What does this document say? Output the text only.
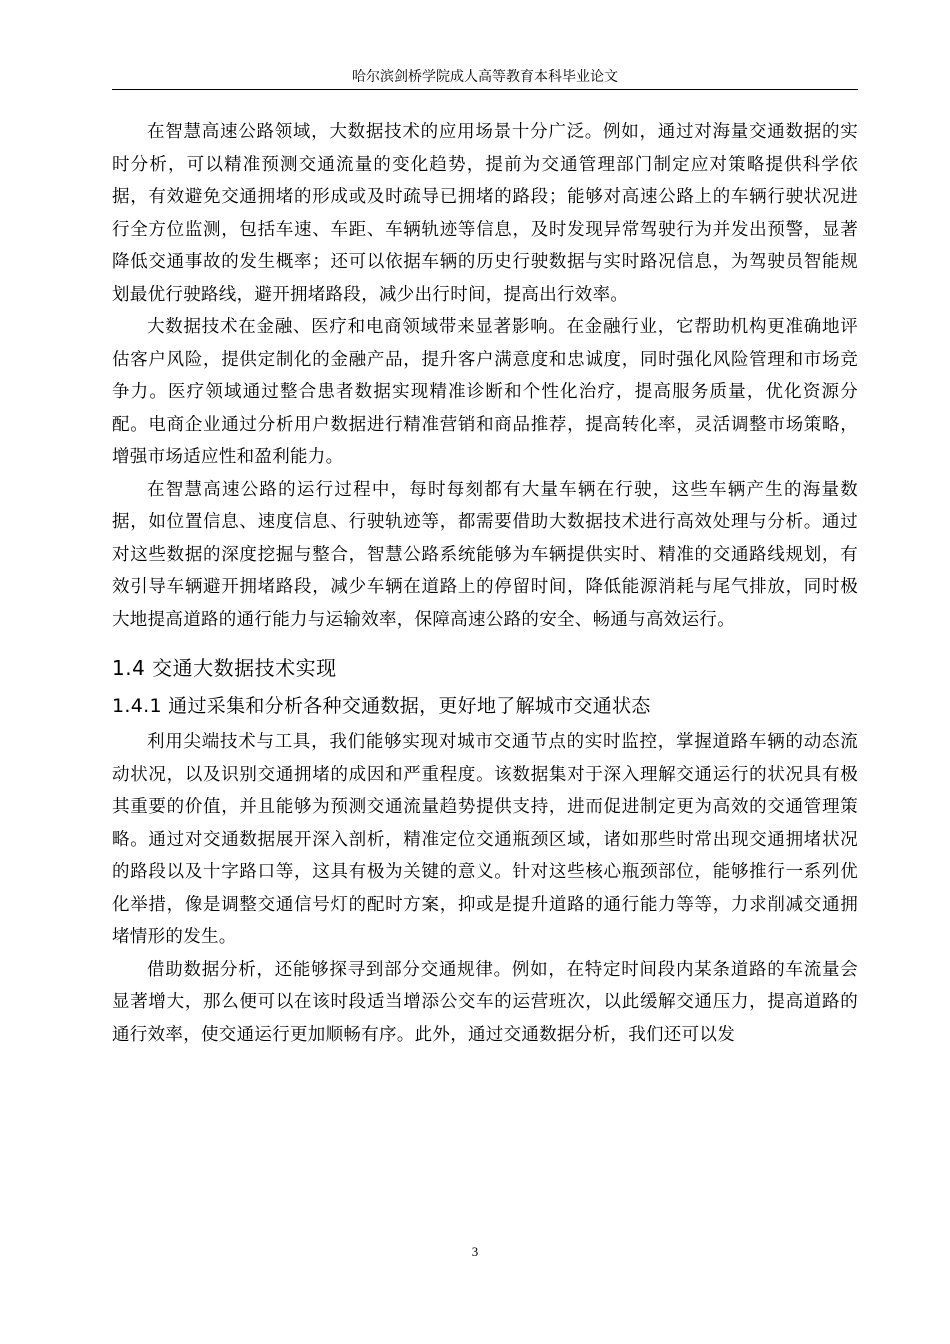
哈尔滨剑桥学院成人高等教育本科毕业论文

在智慧高速公路领域，大数据技术的应用场景十分广泛。例如，通过对海量交通数据的实时分析，可以精准预测交通流量的变化趋势，提前为交通管理部门制定应对策略提供科学依据，有效避免交通拥堵的形成或及时疏导已拥堵的路段；能够对高速公路上的车辆行驶状况进行全方位监测，包括车速、车距、车辆轨迹等信息，及时发现异常驾驶行为并发出预警，显著降低交通事故的发生概率；还可以依据车辆的历史行驶数据与实时路况信息，为驾驶员智能规划最优行驶路线，避开拥堵路段，减少出行时间，提高出行效率。

大数据技术在金融、医疗和电商领域带来显著影响。在金融行业，它帮助机构更准确地评估客户风险，提供定制化的金融产品，提升客户满意度和忠诚度，同时强化风险管理和市场竞争力。医疗领域通过整合患者数据实现精准诊断和个性化治疗，提高服务质量，优化资源分配。电商企业通过分析用户数据进行精准营销和商品推荐，提高转化率，灵活调整市场策略，增强市场适应性和盈利能力。

在智慧高速公路的运行过程中，每时每刻都有大量车辆在行驶，这些车辆产生的海量数据，如位置信息、速度信息、行驶轨迹等，都需要借助大数据技术进行高效处理与分析。通过对这些数据的深度挖掘与整合，智慧公路系统能够为车辆提供实时、精准的交通路线规划，有效引导车辆避开拥堵路段，减少车辆在道路上的停留时间，降低能源消耗与尾气排放，同时极大地提高道路的通行能力与运输效率，保障高速公路的安全、畅通与高效运行。

1.4 交通大数据技术实现
1.4.1 通过采集和分析各种交通数据，更好地了解城市交通状态

利用尖端技术与工具，我们能够实现对城市交通节点的实时监控，掌握道路车辆的动态流动状况，以及识别交通拥堵的成因和严重程度。该数据集对于深入理解交通运行的状况具有极其重要的价值，并且能够为预测交通流量趋势提供支持，进而促进制定更为高效的交通管理策略。通过对交通数据展开深入剖析，精准定位交通瓶颈区域，诸如那些时常出现交通拥堵状况的路段以及十字路口等，这具有极为关键的意义。针对这些核心瓶颈部位，能够推行一系列优化举措，像是调整交通信号灯的配时方案，抑或是提升道路的通行能力等等，力求削减交通拥堵情形的发生。

借助数据分析，还能够探寻到部分交通规律。例如，在特定时间段内某条道路的车流量会显著增大，那么便可以在该时段适当增添公交车的运营班次，以此缓解交通压力，提高道路的通行效率，使交通运行更加顺畅有序。此外，通过交通数据分析，我们还可以发

3
